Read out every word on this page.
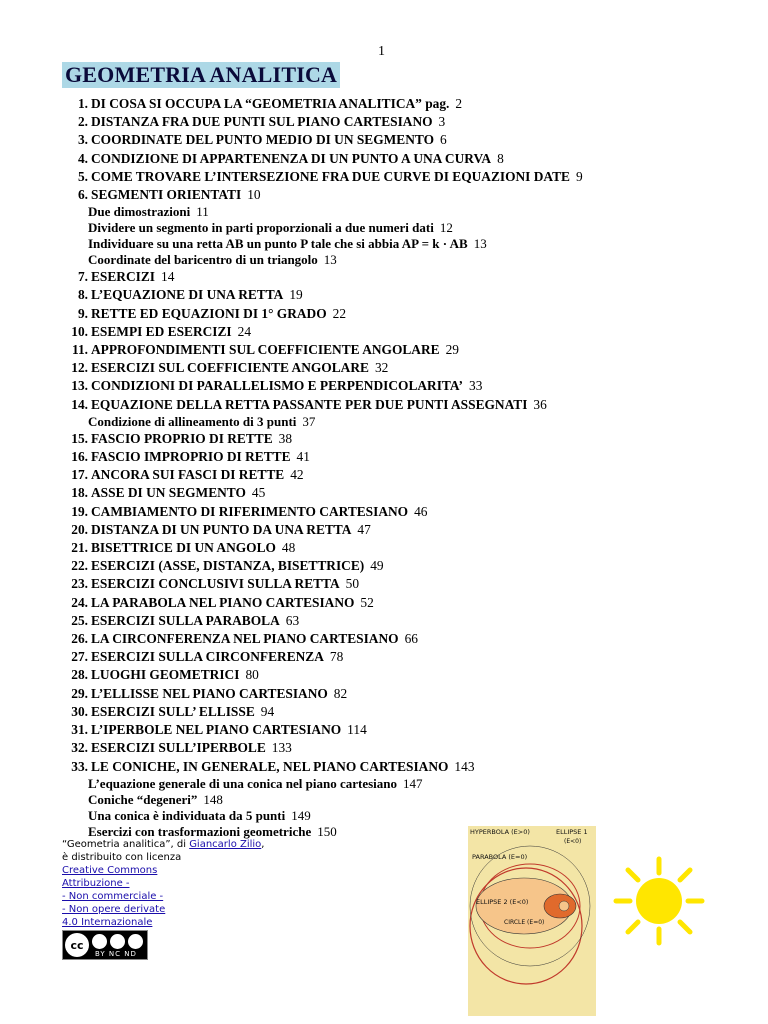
1
GEOMETRIA ANALITICA
1. DI COSA SI OCCUPA LA “GEOMETRIA ANALITICA” pag. 2
2. DISTANZA FRA DUE PUNTI SUL PIANO CARTESIANO 3
3. COORDINATE DEL PUNTO MEDIO DI UN SEGMENTO 6
4. CONDIZIONE DI APPARTENENZA DI UN PUNTO A UNA CURVA 8
5. COME TROVARE L’INTERSEZIONE FRA DUE CURVE DI EQUAZIONI DATE 9
6. SEGMENTI ORIENTATI 10
Due dimostrazioni 11
Dividere un segmento in parti proporzionali a due numeri dati 12
Individuare su una retta AB un punto P tale che si abbia AP = k · AB 13
Coordinate del baricentro di un triangolo 13
7. ESERCIZI 14
8. L’EQUAZIONE DI UNA RETTA 19
9. RETTE ED EQUAZIONI DI 1° GRADO 22
10. ESEMPI ED ESERCIZI 24
11. APPROFONDIMENTI SUL COEFFICIENTE ANGOLARE 29
12. ESERCIZI SUL COEFFICIENTE ANGOLARE 32
13. CONDIZIONI DI PARALLELISMO E PERPENDICOLARITA’ 33
14. EQUAZIONE DELLA RETTA PASSANTE PER DUE PUNTI ASSEGNATI 36
Condizione di allineamento di 3 punti 37
15. FASCIO PROPRIO DI RETTE 38
16. FASCIO IMPROPRIO DI RETTE 41
17. ANCORA SUI FASCI DI RETTE 42
18. ASSE DI UN SEGMENTO 45
19. CAMBIAMENTO DI RIFERIMENTO CARTESIANO 46
20. DISTANZA DI UN PUNTO DA UNA RETTA 47
21. BISETTRICE DI UN ANGOLO 48
22. ESERCIZI (ASSE, DISTANZA, BISETTRICE) 49
23. ESERCIZI CONCLUSIVI SULLA RETTA 50
24. LA PARABOLA NEL PIANO CARTESIANO 52
25. ESERCIZI SULLA PARABOLA 63
26. LA CIRCONFERENZA NEL PIANO CARTESIANO 66
27. ESERCIZI SULLA CIRCONFERENZA 78
28. LUOGHI GEOMETRICI 80
29. L’ELLISSE NEL PIANO CARTESIANO 82
30. ESERCIZI SULL’ ELLISSE 94
31. L’IPERBOLE NEL PIANO CARTESIANO 114
32. ESERCIZI SULL’IPERBOLE 133
33. LE CONICHE, IN GENERALE, NEL PIANO CARTESIANO 143
L’equazione generale di una conica nel piano cartesiano 147
Coniche “degeneri” 148
Una conica è individuata da 5 punti 149
Esercizi con trasformazioni geometriche 150
“Geometria analitica”, di Giancarlo Zilio,
è distribuito con licenza
Creative Commons
Attribuzione -
- Non commerciale -
- Non opere derivate
4.0 Internazionale
cc
BY NC ND
HYPERBOLA (E>0)	ELLIPSE 1
(E<0)
PARABOLA (E=0)
ELLIPSE 2 (E<0)
CIRCLE (E=0)
